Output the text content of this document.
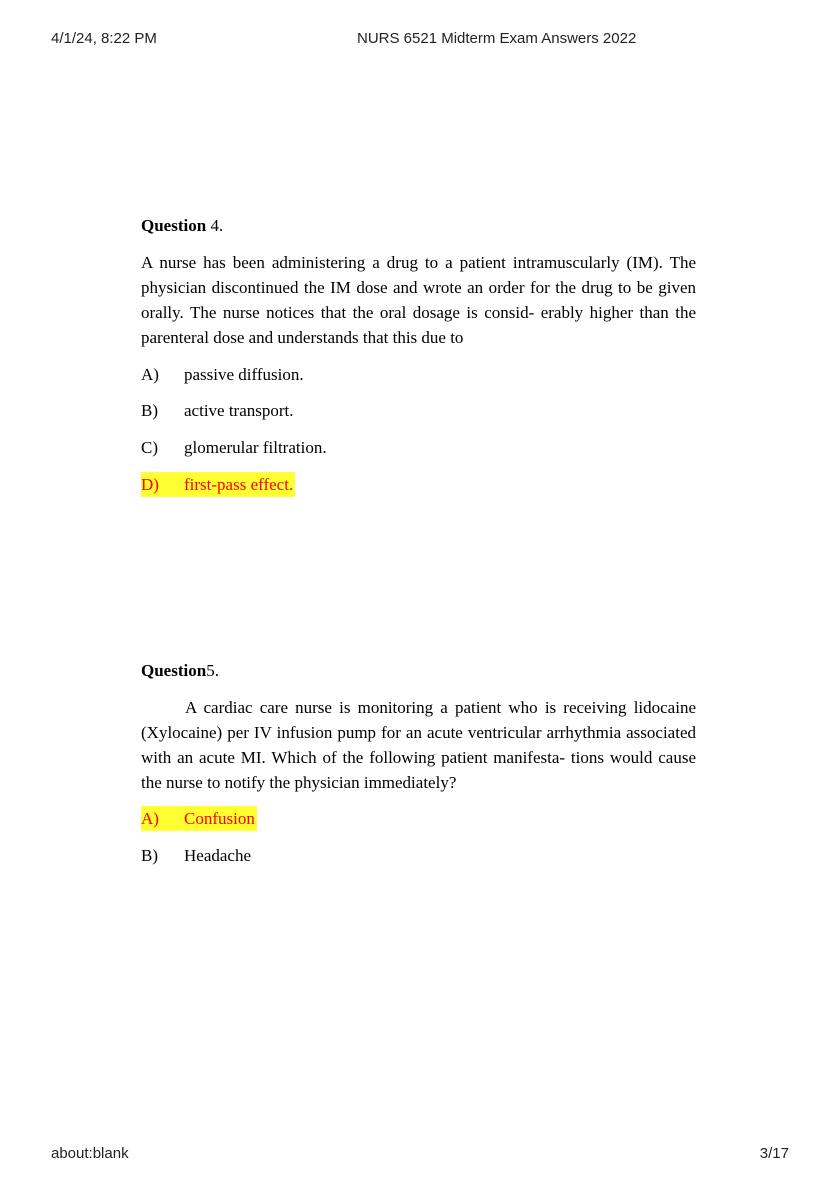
4/1/24, 8:22 PM	NURS 6521 Midterm Exam Answers 2022

Question 4.

A nurse has been administering a drug to a patient intramuscularly (IM). The physician discontinued the IM dose and wrote an order for the drug to be given orally. The nurse notices that the oral dosage is consid- erably higher than the parenteral dose and understands that this due to

A) passive diffusion.
B) active transport.
C) glomerular filtration.
D) first-pass effect.

Question5.

A cardiac care nurse is monitoring a patient who is receiving lidocaine (Xylocaine) per IV infusion pump for an acute ventricular arrhythmia associated with an acute MI. Which of the following patient manifesta- tions would cause the nurse to notify the physician immediately?

A) Confusion
B) Headache
about:blank	3/17
